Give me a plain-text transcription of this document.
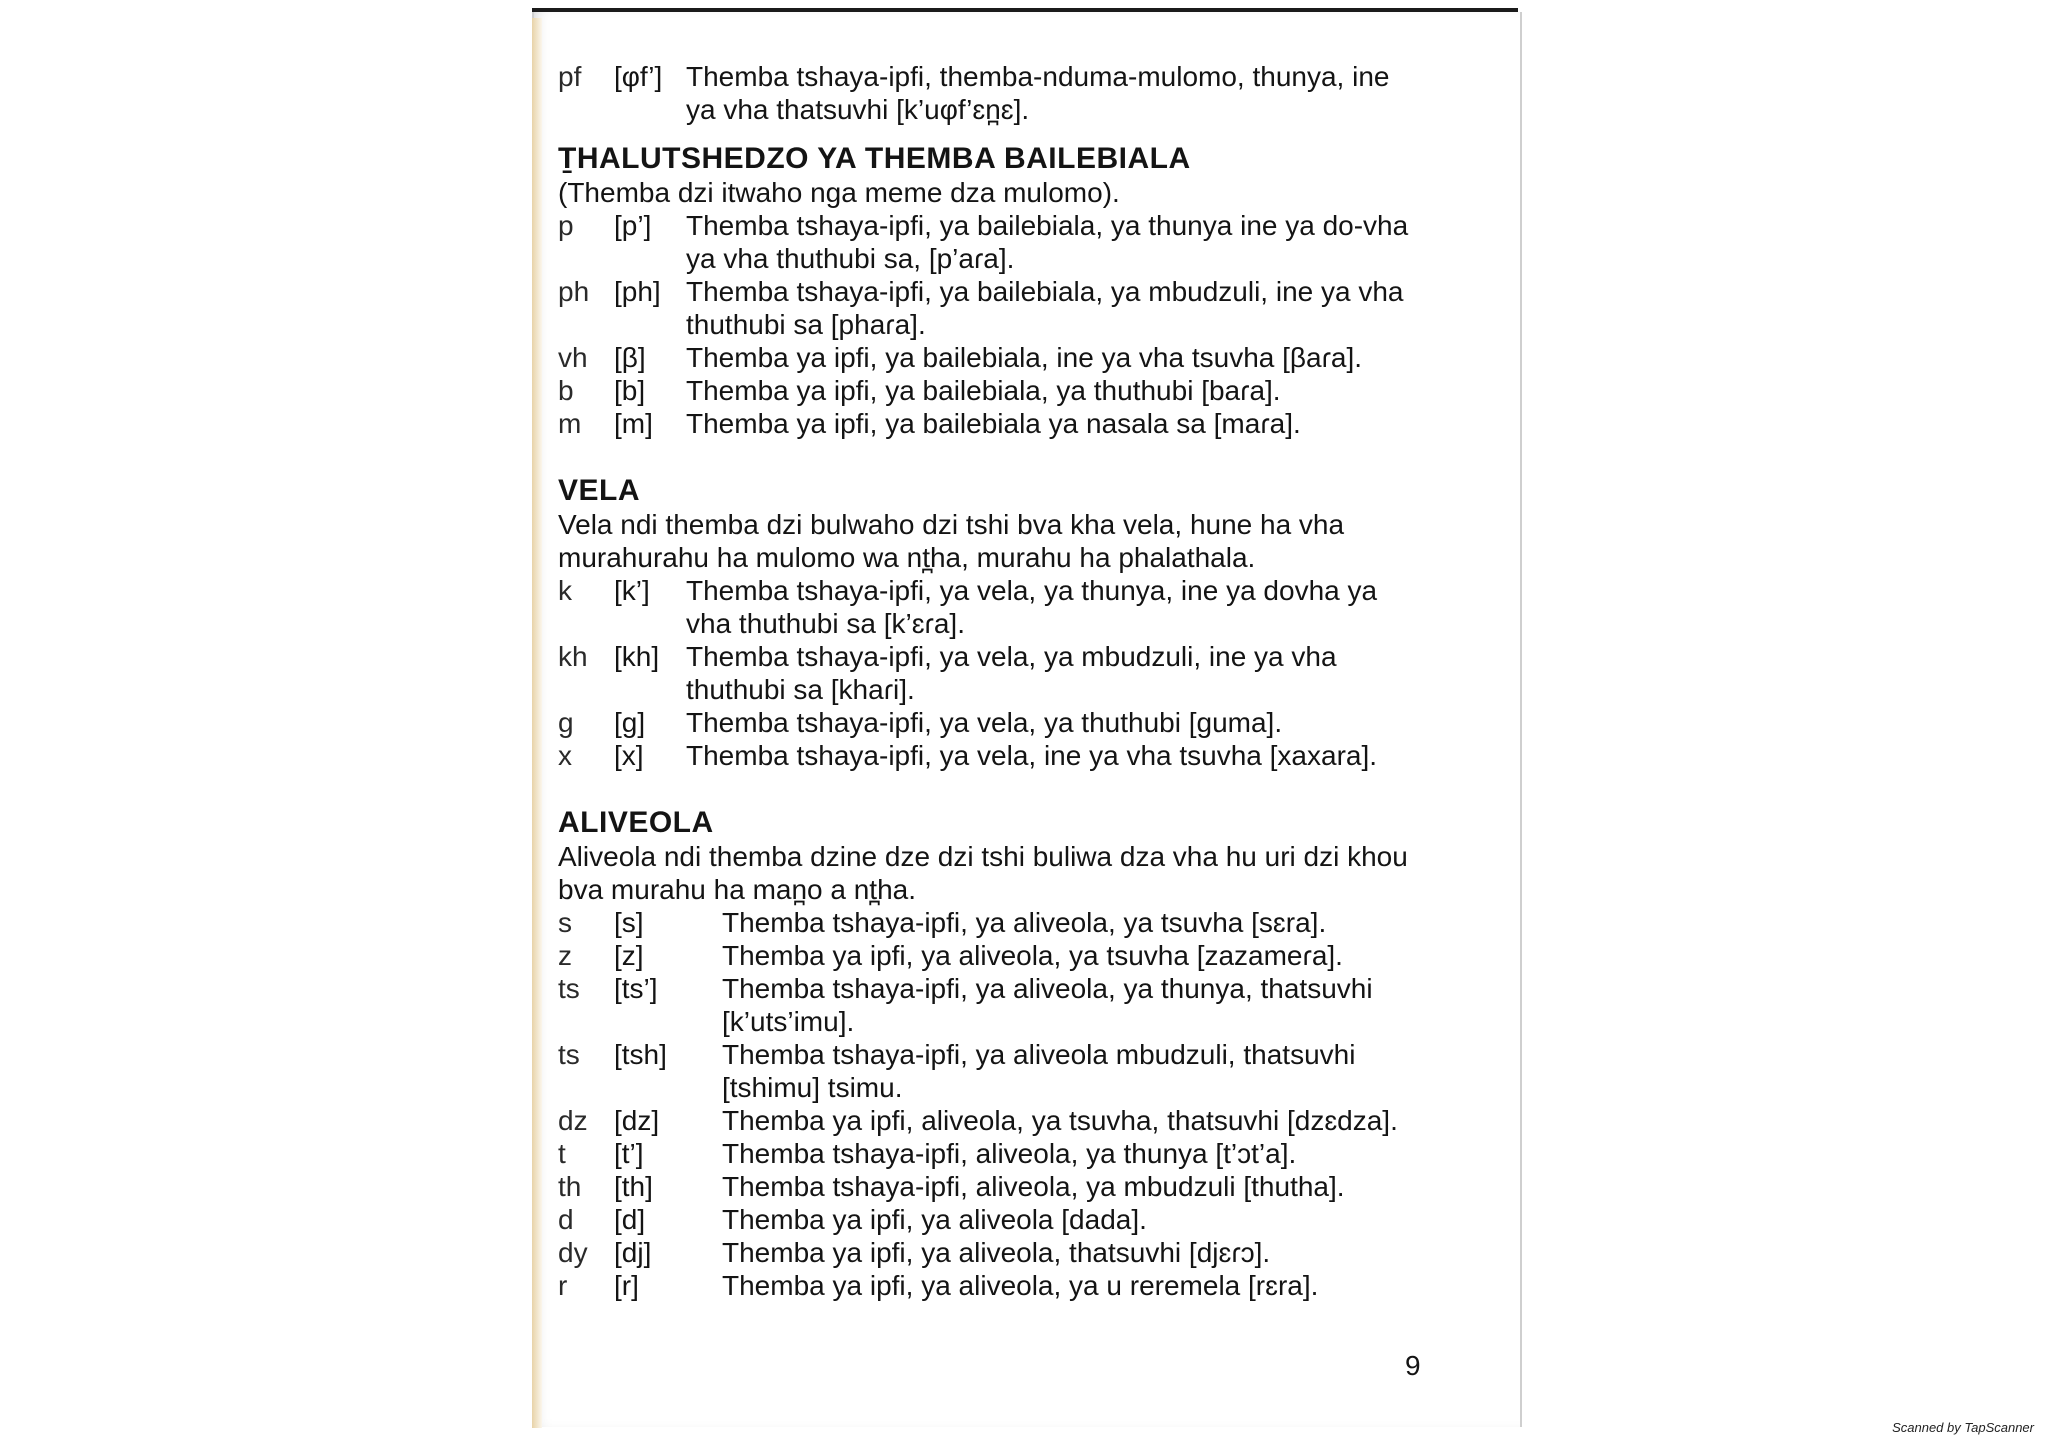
pf	[φf’] Themba tshaya-ipfi, themba-nduma-mulomo, thunya, ine ya vha thatsuvhi [k’uφf’ɛn̪ɛ].
ṮHALUTSHEDZO YA THEMBA BAILEBIALA

(Themba dzi itwaho nga meme dza mulomo).

p	[p’]	Themba tshaya-ipfi, ya bailebiala, ya thunya ine ya do-vha ya vha thuthubi sa, [p’aɾa].
ph [ph] Themba tshaya-ipfi, ya bailebiala, ya mbudzuli, ine ya vha thuthubi sa [phaɾa].
vh [β]	Themba ya ipfi, ya bailebiala, ine ya vha tsuvha [βaɾa].
b	[b]	Themba ya ipfi, ya bailebiala, ya thuthubi [baɾa].
m	[m]	Themba ya ipfi, ya bailebiala ya nasala sa [maɾa].
VELA

Vela ndi themba dzi bulwaho dzi tshi bva kha vela, hune ha vha murahurahu ha mulomo wa nt̪ha, murahu ha phalathala.

k	[k’]	Themba tshaya-ipfi, ya vela, ya thunya, ine ya dovha ya vha thuthubi sa [k’ɛɾa].
kh [kh] Themba tshaya-ipfi, ya vela, ya mbudzuli, ine ya vha thuthubi sa [khaɾi].
g	[g]	Themba tshaya-ipfi, ya vela, ya thuthubi [guma].
x	[x]	Themba tshaya-ipfi, ya vela, ine ya vha tsuvha [xaxara].
ALIVEOLA

Aliveola ndi themba dzine dze dzi tshi buliwa dza vha hu uri dzi khou bva murahu ha man̪o a nt̪ha.

s	[s]	Themba tshaya-ipfi, ya aliveola, ya tsuvha [sɛra].
z	[z]	Themba ya ipfi, ya aliveola, ya tsuvha [zazameɾa].
ts	[ts’]	Themba tshaya-ipfi, ya aliveola, ya thunya, thatsuvhi [k’uts’imu].
ts	[tsh]	Themba tshaya-ipfi, ya aliveola mbudzuli, thatsuvhi [tshimu] tsimu.
dz [dz]	Themba ya ipfi, aliveola, ya tsuvha, thatsuvhi [dzɛdza].
t	[t’]	Themba tshaya-ipfi, aliveola, ya thunya [t’ɔt’a].
th	[th]	Themba tshaya-ipfi, aliveola, ya mbudzuli [thutha].
d	[d]	Themba ya ipfi, ya aliveola [dada].
dy [dj]	Themba ya ipfi, ya aliveola, thatsuvhi [djɛɾɔ].
r	[r]	Themba ya ipfi, ya aliveola, ya u reremela [rɛra].
9
Scanned by TapScanner
